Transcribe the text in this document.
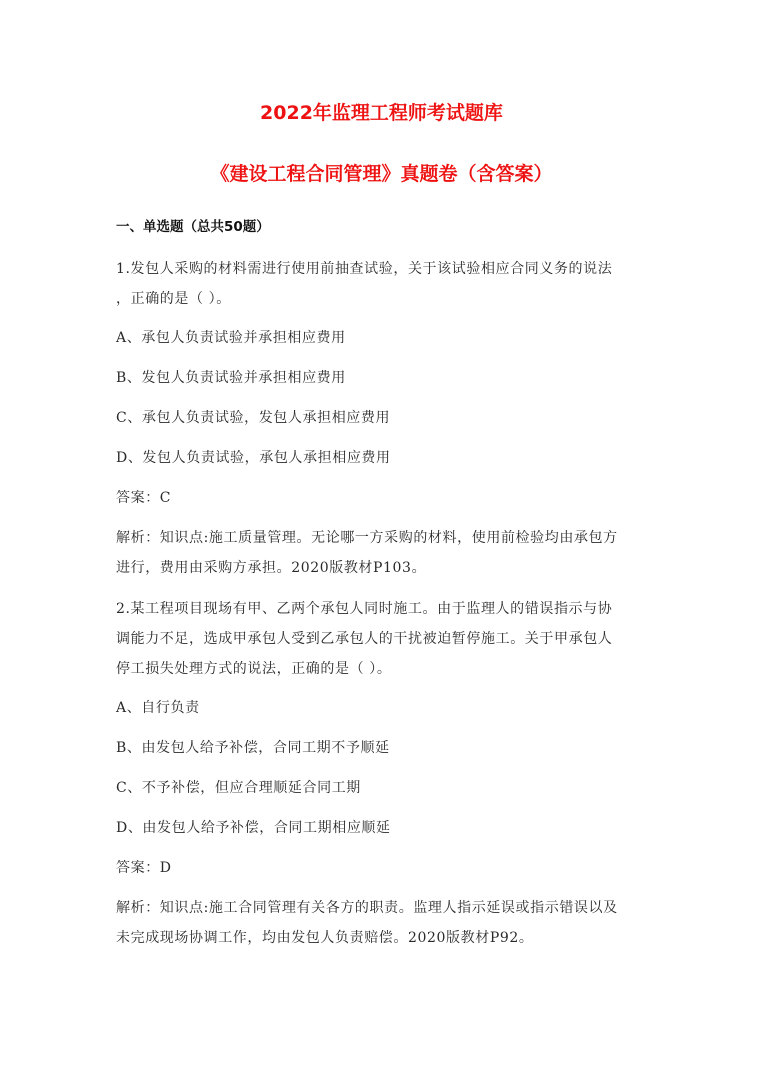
2022年监理工程师考试题库
《建设工程合同管理》真题卷（含答案）
一、单选题（总共50题）
1.发包人采购的材料需进行使用前抽查试验，关于该试验相应合同义务的说法
，正确的是（ ）。
A、承包人负责试验并承担相应费用
B、发包人负责试验并承担相应费用
C、承包人负责试验，发包人承担相应费用
D、发包人负责试验，承包人承担相应费用
答案：C
解析：知识点:施工质量管理。无论哪一方采购的材料，使用前检验均由承包方
进行，费用由采购方承担。2020版教材P103。
2.某工程项目现场有甲、乙两个承包人同时施工。由于监理人的错误指示与协
调能力不足，选成甲承包人受到乙承包人的干扰被迫暂停施工。关于甲承包人
停工损失处理方式的说法，正确的是（ ）。
A、自行负责
B、由发包人给予补偿，合同工期不予顺延
C、不予补偿，但应合理顺延合同工期
D、由发包人给予补偿，合同工期相应顺延
答案：D
解析：知识点:施工合同管理有关各方的职责。监理人指示延误或指示错误以及
未完成现场协调工作，均由发包人负责赔偿。2020版教材P92。
